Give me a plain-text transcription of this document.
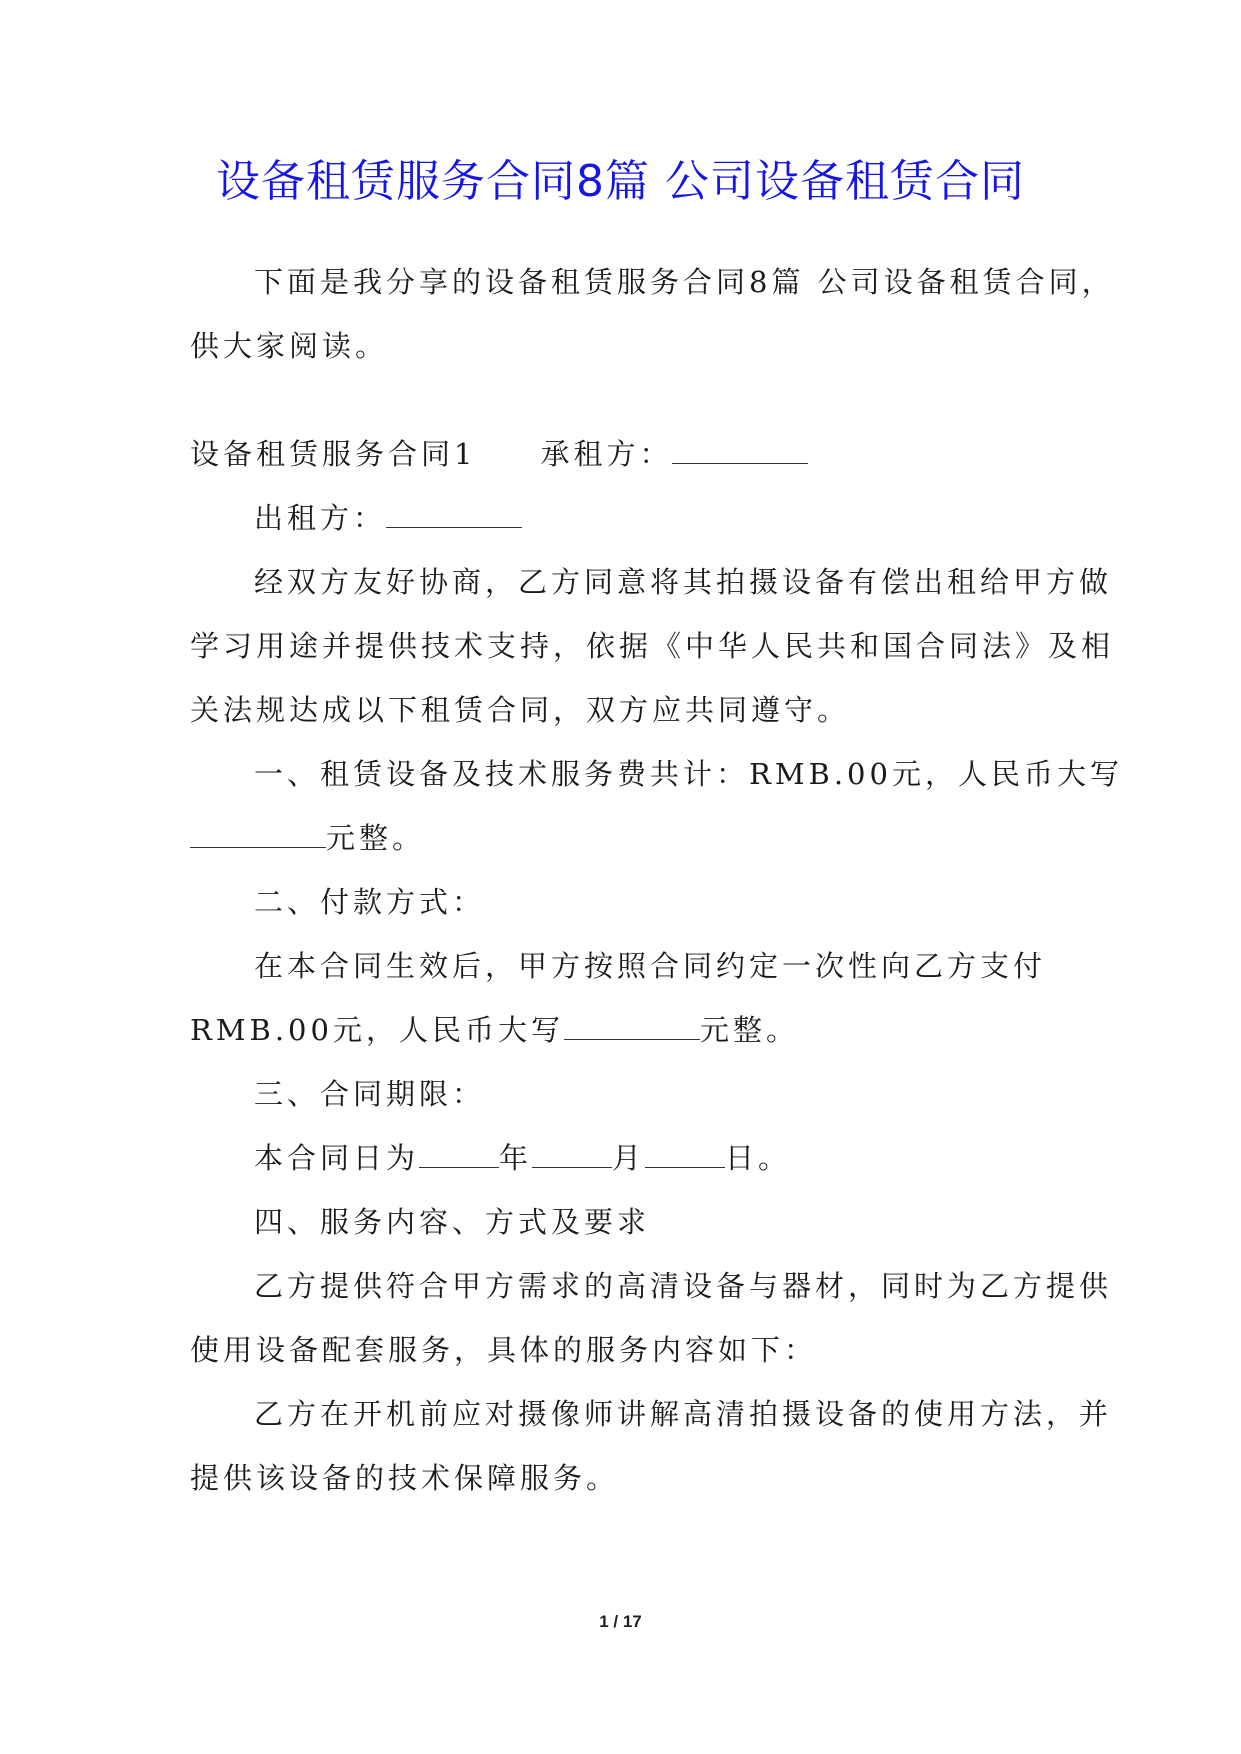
设备租赁服务合同8篇 公司设备租赁合同

下面是我分享的设备租赁服务合同8篇 公司设备租赁合同，

供大家阅读。

设备租赁服务合同1 承租方：

出租方：

经双方友好协商，乙方同意将其拍摄设备有偿出租给甲方做

学习用途并提供技术支持，依据《中华人民共和国合同法》及相

关法规达成以下租赁合同，双方应共同遵守。

一、租赁设备及技术服务费共计：RMB.00元，人民币大写

元整。

二、付款方式：

在本合同生效后，甲方按照合同约定一次性向乙方支付

RMB.00元，人民币大写	元整。

三、合同期限：

本合同日为	年	月	日。

四、服务内容、方式及要求

乙方提供符合甲方需求的高清设备与器材，同时为乙方提供

使用设备配套服务，具体的服务内容如下：

乙方在开机前应对摄像师讲解高清拍摄设备的使用方法，并

提供该设备的技术保障服务。

1 / 17
